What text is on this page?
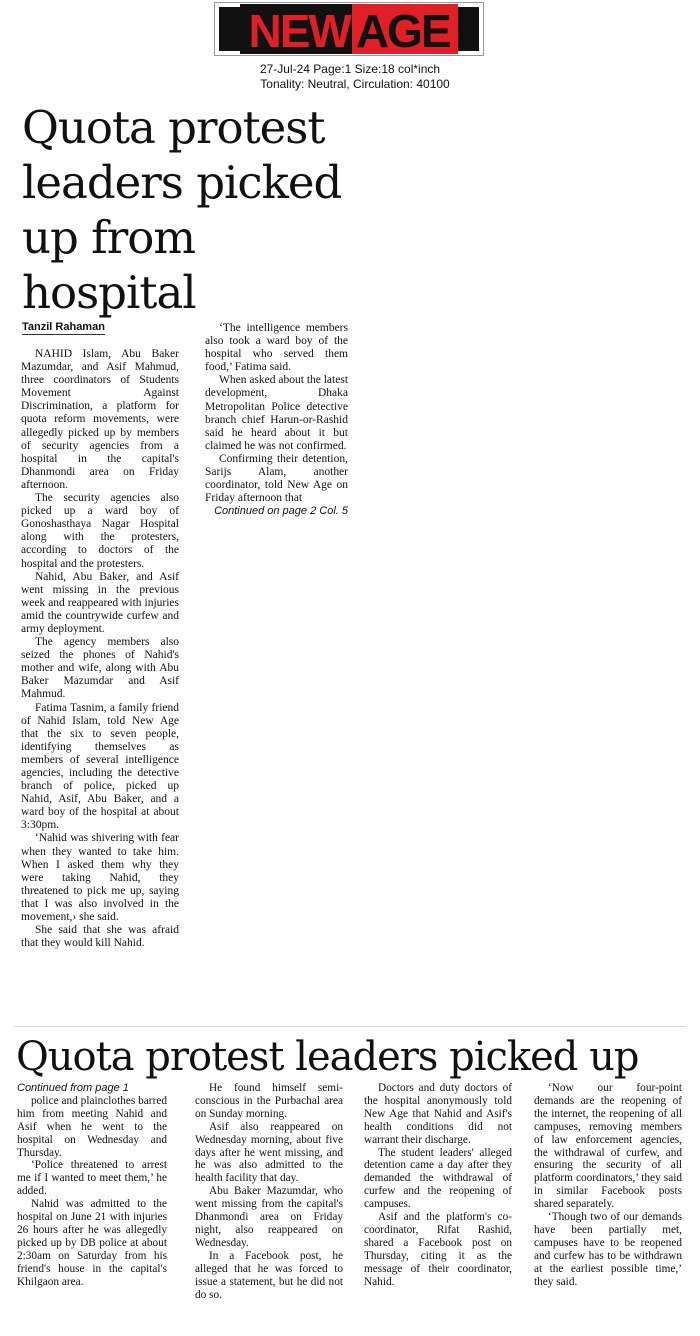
NEW AGE
27-Jul-24 Page:1 Size:18 col*inch
Tonality: Neutral, Circulation: 40100
Quota protest
leaders picked
up from
hospital
Tanzil Rahaman

NAHID Islam, Abu Baker Mazumdar, and Asif Mahmud, three coordinators of Students Movement Against Discrimination, a platform for quota reform movements, were allegedly picked up by members of security agencies from a hospital in the capital's Dhanmondi area on Friday afternoon.

The security agencies also picked up a ward boy of Gonoshasthaya Nagar Hospital along with the protesters, according to doctors of the hospital and the protesters.

Nahid, Abu Baker, and Asif went missing in the previous week and reappeared with injuries amid the countrywide curfew and army deployment.

The agency members also seized the phones of Nahid's mother and wife, along with Abu Baker Mazumdar and Asif Mahmud.

Fatima Tasnim, a family friend of Nahid Islam, told New Age that the six to seven people, identifying themselves as members of several intelligence agencies, including the detective branch of police, picked up Nahid, Asif, Abu Baker, and a ward boy of the hospital at about 3:30pm.

‘Nahid was shivering with fear when they wanted to take him. When I asked them why they were taking Nahid, they threatened to pick me up, saying that I was also involved in the movement,› she said.

She said that she was afraid that they would kill Nahid.

‘The intelligence members also took a ward boy of the hospital who served them food,’ Fatima said.

When asked about the latest development, Dhaka Metropolitan Police detective branch chief Harun-or-Rashid said he heard about it but claimed he was not confirmed.

Confirming their detention, Sarijs Alam, another coordinator, told New Age on Friday afternoon that

Continued on page 2 Col. 5
Quota protest leaders picked up

Continued from page 1

police and plainclothes barred him from meeting Nahid and Asif when he went to the hospital on Wednesday and Thursday.

‘Police threatened to arrest me if I wanted to meet them,’ he added.

Nahid was admitted to the hospital on June 21 with injuries 26 hours after he was allegedly picked up by DB police at about 2:30am on Saturday from his friend's house in the capital's Khilgaon area.

He found himself semi-conscious in the Purbachal area on Sunday morning.

Asif also reappeared on Wednesday morning, about five days after he went missing, and he was also admitted to the health facility that day.

Abu Baker Mazumdar, who went missing from the capital's Dhanmondi area on Friday night, also reappeared on Wednesday.

In a Facebook post, he alleged that he was forced to issue a statement, but he did not do so.

Doctors and duty doctors of the hospital anonymously told New Age that Nahid and Asif's health conditions did not warrant their discharge.

The student leaders' alleged detention came a day after they demanded the withdrawal of curfew and the reopening of campuses.

Asif and the platform's co-coordinator, Rifat Rashid, shared a Facebook post on Thursday, citing it as the message of their coordinator, Nahid.

‘Now our four-point demands are the reopening of the internet, the reopening of all campuses, removing members of law enforcement agencies, the withdrawal of curfew, and ensuring the security of all platform coordinators,’ they said in similar Facebook posts shared separately.

‘Though two of our demands have been partially met, campuses have to be reopened and curfew has to be withdrawn at the earliest possible time,’ they said.
